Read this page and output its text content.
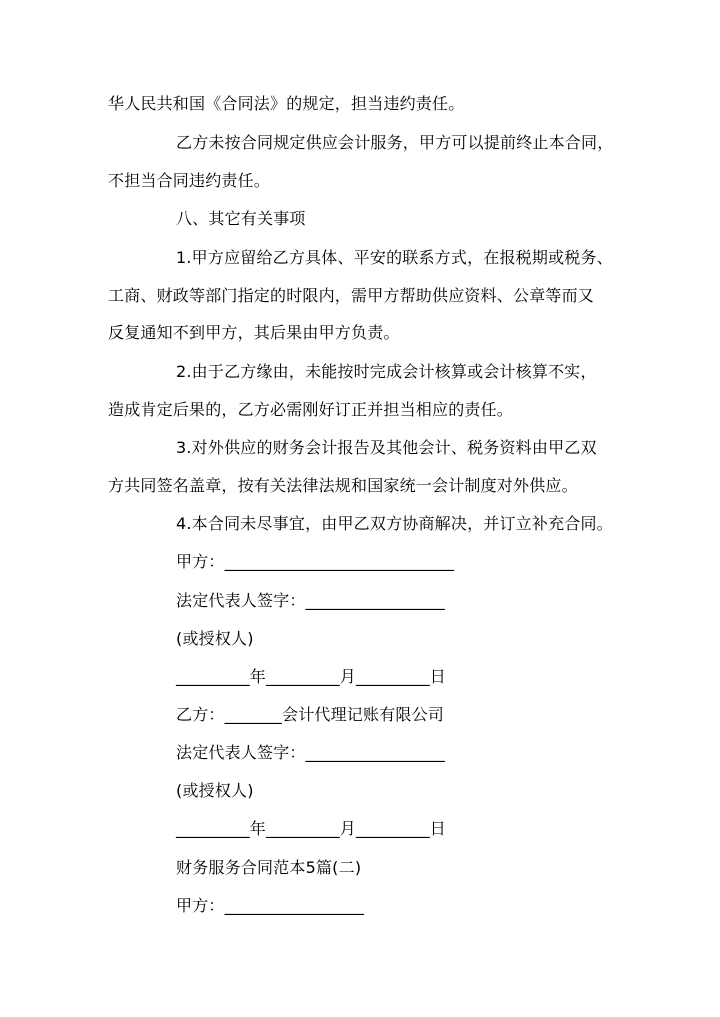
华人民共和国《合同法》的规定，担当违约责任。
乙方未按合同规定供应会计服务，甲方可以提前终止本合同，
不担当合同违约责任。
八、其它有关事项
1.甲方应留给乙方具体、平安的联系方式，在报税期或税务、
工商、财政等部门指定的时限内，需甲方帮助供应资料、公章等而又
反复通知不到甲方，其后果由甲方负责。
2.由于乙方缘由，未能按时完成会计核算或会计核算不实，
造成肯定后果的，乙方必需刚好订正并担当相应的责任。
3.对外供应的财务会计报告及其他会计、税务资料由甲乙双
方共同签名盖章，按有关法律法规和国家统一会计制度对外供应。
4.本合同未尽事宜，由甲乙双方协商解决，并订立补充合同。
甲方：____________________________
法定代表人签字：_________________
(或授权人)
_________年_________月_________日
乙方：_______会计代理记账有限公司
法定代表人签字：_________________
(或授权人)
_________年_________月_________日
财务服务合同范本5篇(二)
甲方：_________________
